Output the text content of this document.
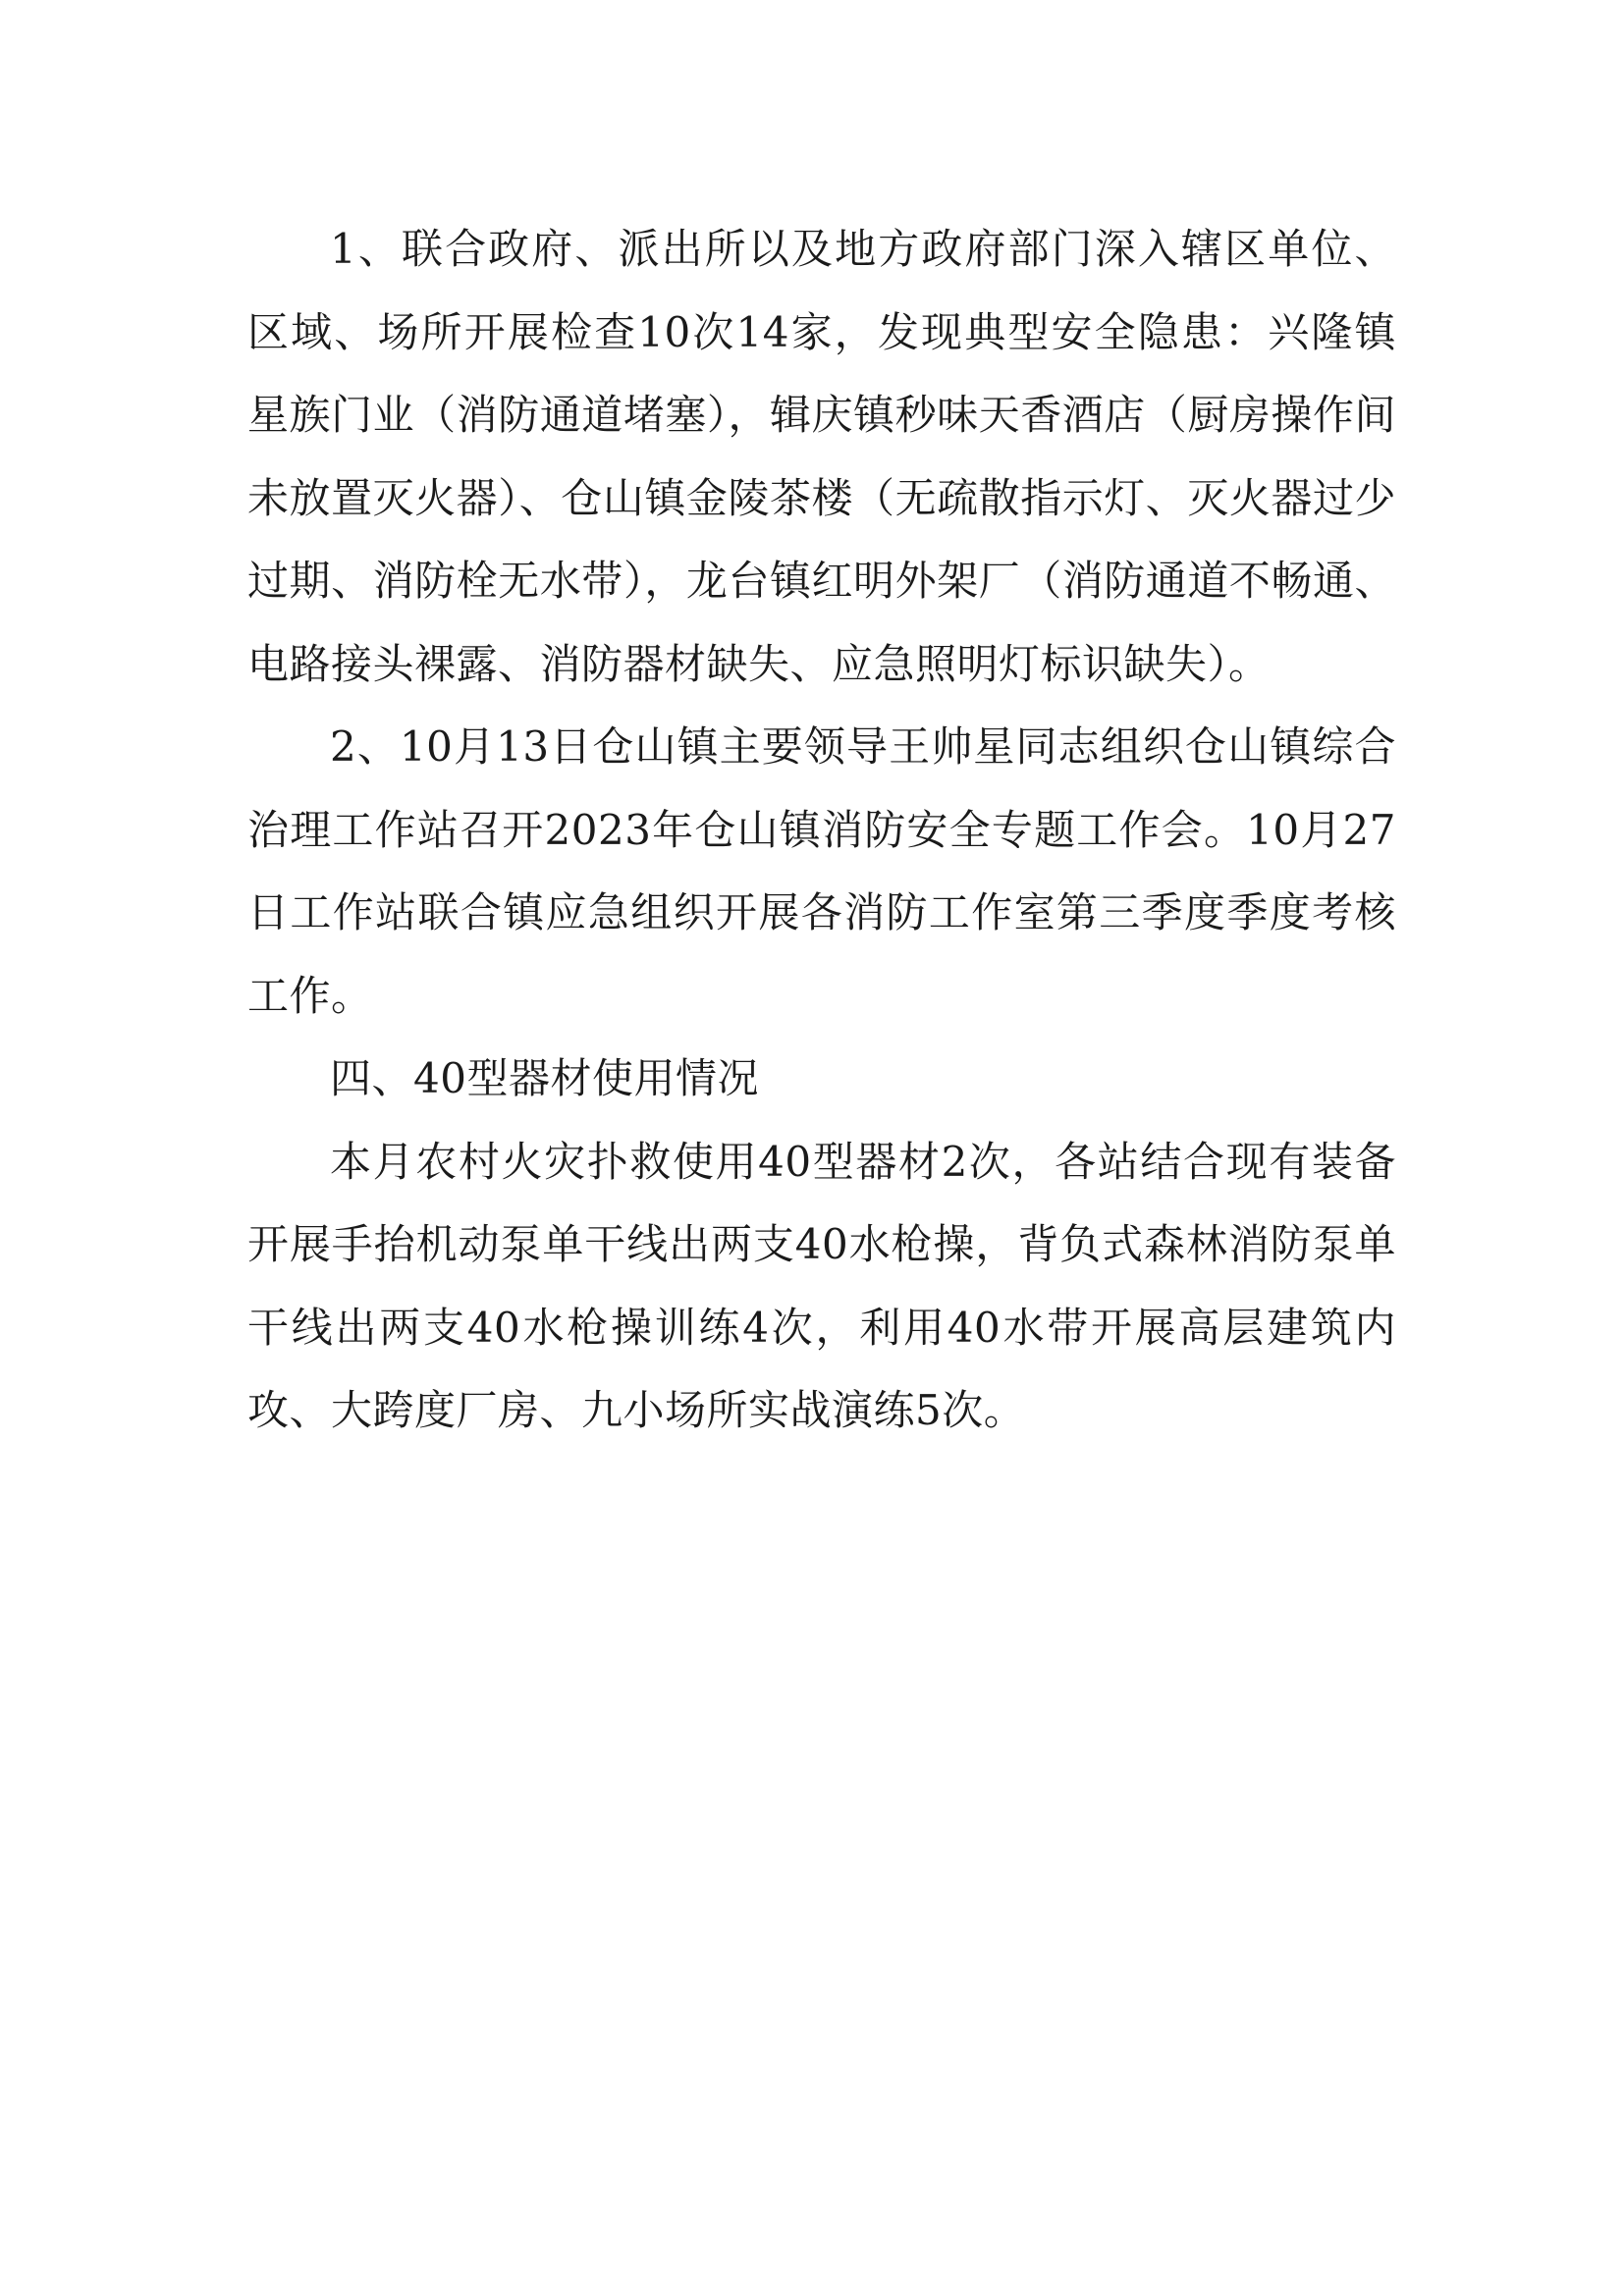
1、联合政府、派出所以及地方政府部门深入辖区单位、区域、场所开展检查10次14家，发现典型安全隐患：兴隆镇星族门业（消防通道堵塞），辑庆镇秒味天香酒店（厨房操作间未放置灭火器）、仓山镇金陵茶楼（无疏散指示灯、灭火器过少过期、消防栓无水带），龙台镇红明外架厂（消防通道不畅通、电路接头裸露、消防器材缺失、应急照明灯标识缺失）。

2、10月13日仓山镇主要领导王帅星同志组织仓山镇综合治理工作站召开2023年仓山镇消防安全专题工作会。10月27日工作站联合镇应急组织开展各消防工作室第三季度季度考核工作。

四、40型器材使用情况

本月农村火灾扑救使用40型器材2次，各站结合现有装备开展手抬机动泵单干线出两支40水枪操，背负式森林消防泵单干线出两支40水枪操训练4次，利用40水带开展高层建筑内攻、大跨度厂房、九小场所实战演练5次。
